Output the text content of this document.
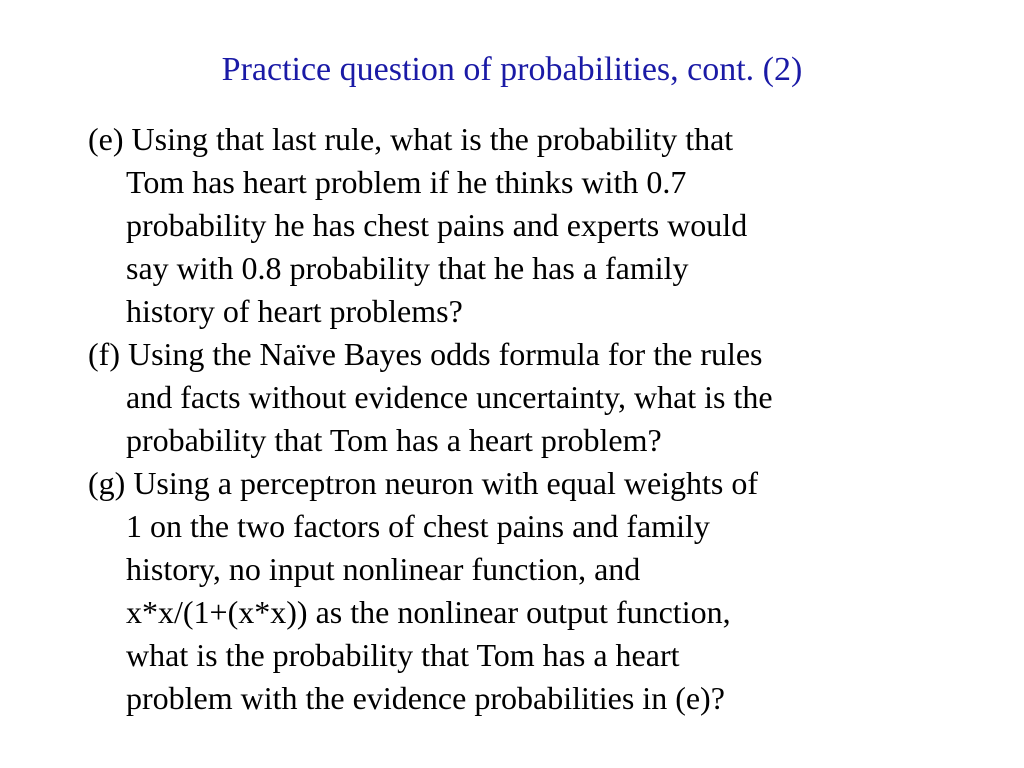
Practice question of probabilities, cont. (2)
(e) Using that last rule, what is the probability that
Tom has heart problem if he thinks with 0.7
probability he has chest pains and experts would
say with 0.8 probability that he has a family
history of heart problems?
(f) Using the Naïve Bayes odds formula for the rules
and facts without evidence uncertainty, what is the
probability that Tom has a heart problem?
(g) Using a perceptron neuron with equal weights of
1 on the two factors of chest pains and family
history, no input nonlinear function, and
x*x/(1+(x*x)) as the nonlinear output function,
what is the probability that Tom has a heart
problem with the evidence probabilities in (e)?
